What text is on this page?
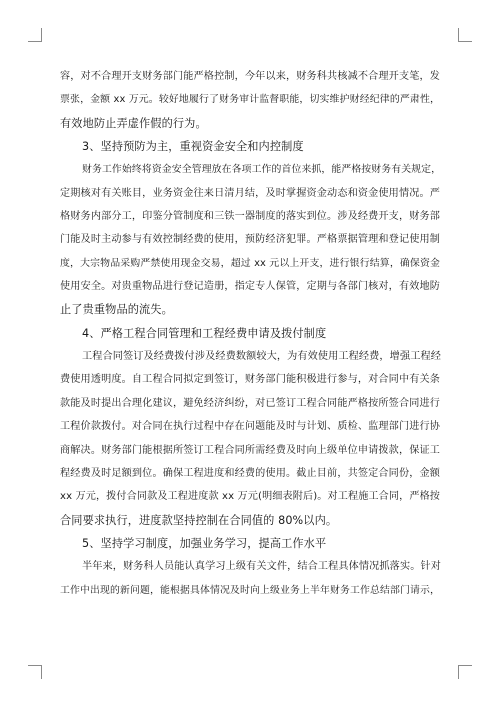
容，对不合理开支财务部门能严格控制，今年以来，财务科共核减不合理开支笔，发
票张，金额 xx 万元。较好地履行了财务审计监督职能，切实维护财经纪律的严肃性，
有效地防止弄虚作假的行为。
3、坚持预防为主，重视资金安全和内控制度
财务工作始终将资金安全管理放在各项工作的首位来抓，能严格按财务有关规定，
定期核对有关账目，业务资金往来日清月结，及时掌握资金动态和资金使用情况。严
格财务内部分工，印鉴分管制度和三铁一器制度的落实到位。涉及经费开支，财务部
门能及时主动参与有效控制经费的使用，预防经济犯罪。严格票据管理和登记使用制
度，大宗物品采购严禁使用现金交易，超过 xx 元以上开支，进行银行结算，确保资金
使用安全。对贵重物品进行登记造册，指定专人保管，定期与各部门核对，有效地防
止了贵重物品的流失。
4、严格工程合同管理和工程经费申请及拨付制度
工程合同签订及经费拨付涉及经费数额较大，为有效使用工程经费，增强工程经
费使用透明度。自工程合同拟定到签订，财务部门能积极进行参与，对合同中有关条
款能及时提出合理化建议，避免经济纠纷，对已签订工程合同能严格按所签合同进行
工程价款拨付。对合同在执行过程中存在问题能及时与计划、质检、监理部门进行协
商解决。财务部门能根据所签订工程合同所需经费及时向上级单位申请拨款，保证工
程经费及时足额到位。确保工程进度和经费的使用。截止目前，共签定合同份，金额
xx 万元，拨付合同款及工程进度款 xx 万元(明细表附后)。对工程施工合同，严格按
合同要求执行，进度款坚持控制在合同值的 80%以内。
5、坚持学习制度，加强业务学习，提高工作水平
半年来，财务科人员能认真学习上级有关文件，结合工程具体情况抓落实。针对
工作中出现的新问题，能根据具体情况及时向上级业务上半年财务工作总结部门请示，
